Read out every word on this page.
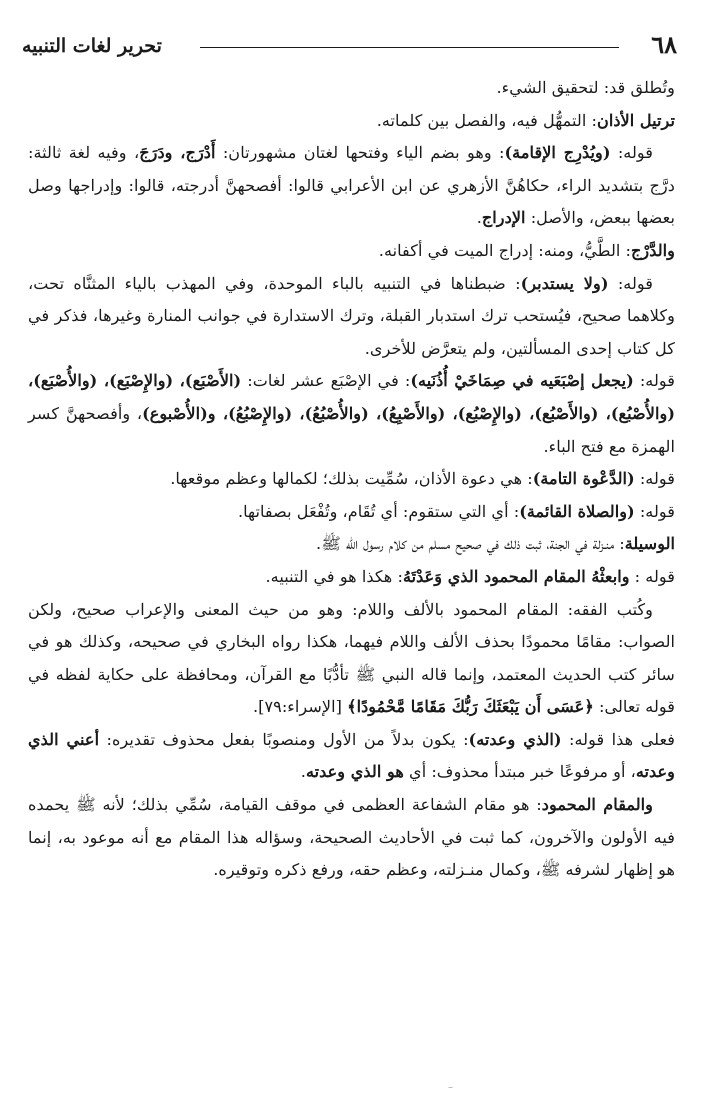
٦٨
تحرير لغات التنبيه

وتُطلق قد: لتحقيق الشيء.

ترتيل الأذان: التمهُّل فيه، والفصل بين كلماته.

قوله: (ويُدْرِج الإقامة): وهو بضم الياء وفتحها لغتان مشهورتان: أَدْرَج، ودَرَجَ، وفيه لغة ثالثة: درَّج بتشديد الراء، حكاهُنَّ الأزهري عن ابن الأعرابي قالوا: أفصحهنَّ أدرجته، قالوا: وإدراجها وصل بعضها ببعض، والأصل: الإدراج.

والدَّرْج: الطَّيُّ، ومنه: إدراج الميت في أكفانه.

قوله: (ولا يستدبر): ضبطناها في التنبيه بالباء الموحدة، وفي المهذب بالياء المثنَّاه تحت، وكلاهما صحيح، فيُستحب ترك استدبار القبلة، وترك الاستدارة في جوانب المنارة وغيرها، فذكر في كل كتاب إحدى المسألتين، ولم يتعرَّض للأخرى.

قوله: (يجعل إصْبَعَيه في صِمَاخَيْ أُذُنَيه): في الإصْبَع عشر لغات: (الأَصْبَع)، (والإِصْبَع)، (والأُصْبَع)، (والأُصْبُع)، (والأَصْبُع)، (والإِصْبُع)، (والأَصْبِعُ)، (والأُصْبُعُ)، (والإِصْبُعُ)، و(الأُصْبوع)، وأفصحهنَّ كسر الهمزة مع فتح الباء.

قوله: (الدَّعْوة التامة): هي دعوة الأذان، سُمِّيت بذلك؛ لكمالها وعظم موقعها.

قوله: (والصلاة القائمة): أي التي ستقوم: أي تُقَام، وتُفْعَل بصفاتها.

الوسيلة: منـزلة في الجنة، ثبت ذلك في صحيح مسلم من كلام رسول الله ﷺ.

قوله : وابعثْهُ المقام المحمود الذي وَعَدْتَهُ: هكذا هو في التنبيه.

وكُتب الفقه: المقام المحمود بالألف واللام: وهو من حيث المعنى والإعراب صحيح، ولكن الصواب: مقامًا محمودًا بحذف الألف واللام فيهما، هكذا رواه البخاري في صحيحه، وكذلك هو في سائر كتب الحديث المعتمد، وإنما قاله النبي ﷺ تأدُّبًا مع القرآن، ومحافظة على حكاية لفظه في قوله تعالى: ﴿عَسَى أَن يَبْعَثَكَ رَبُّكَ مَقَامًا مَّحْمُودًا﴾ [الإسراء:٧٩].

فعلى هذا قوله: (الذي وعدته): يكون بدلاً من الأول ومنصوبًا بفعل محذوف تقديره: أعني الذي وعدته، أو مرفوعًا خبر مبتدأ محذوف: أي هو الذي وعدته.

والمقام المحمود: هو مقام الشفاعة العظمى في موقف القيامة، سُمِّي بذلك؛ لأنه ﷺ يحمده فيه الأولون والآخرون، كما ثبت في الأحاديث الصحيحة، وسؤاله هذا المقام مع أنه موعود به، إنما هو إظهار لشرفه ﷺ، وكمال منـزلته، وعظم حقه، ورفع ذكره وتوقيره.

–
